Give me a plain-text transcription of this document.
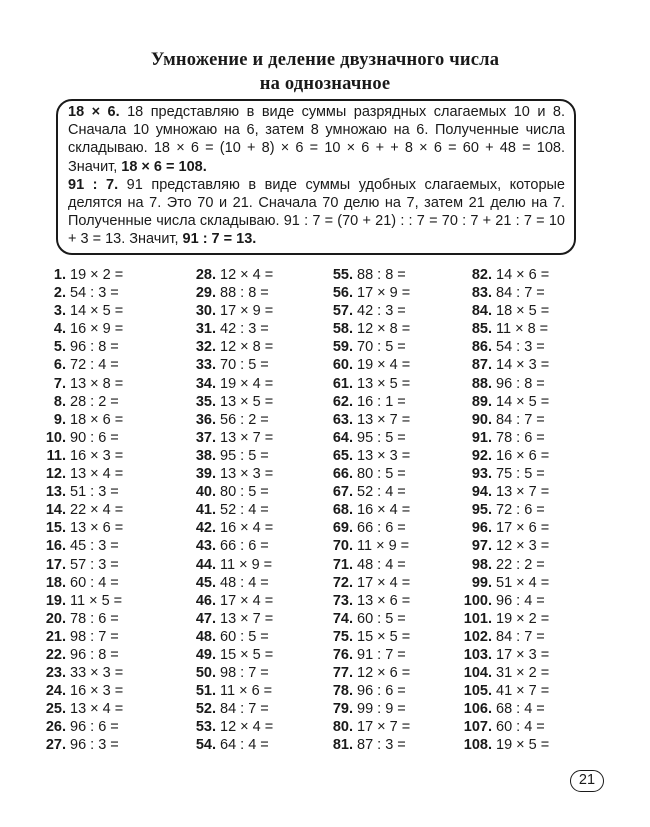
Умножение и деление двузначного числа
на однозначное

18 × 6. 18 представляю в виде суммы разрядных слагаемых 10 и 8. Сначала 10 умножаю на 6, затем 8 умножаю на 6. Полученные числа складываю. 18 × 6 = (10 + 8) × 6 = 10 × 6 + + 8 × 6 = 60 + 48 = 108. Значит, 18 × 6 = 108.

91 : 7. 91 представляю в виде суммы удобных слагаемых, которые делятся на 7. Это 70 и 21. Сначала 70 делю на 7, затем 21 делю на 7. Полученные числа складываю. 91 : 7 = (70 + 21) : : 7 = 70 : 7 + 21 : 7 = 10 + 3 = 13. Значит, 91 : 7 = 13.

1. 19 × 2 =
2. 54 : 3 =
3. 14 × 5 =
4. 16 × 9 =
5. 96 : 8 =
6. 72 : 4 =
7. 13 × 8 =
8. 28 : 2 =
9. 18 × 6 =
10. 90 : 6 =
11. 16 × 3 =
12. 13 × 4 =
13. 51 : 3 =
14. 22 × 4 =
15. 13 × 6 =
16. 45 : 3 =
17. 57 : 3 =
18. 60 : 4 =
19. 11 × 5 =
20. 78 : 6 =
21. 98 : 7 =
22. 96 : 8 =
23. 33 × 3 =
24. 16 × 3 =
25. 13 × 4 =
26. 96 : 6 =
27. 96 : 3 =
28. 12 × 4 =
29. 88 : 8 =
30. 17 × 9 =
31. 42 : 3 =
32. 12 × 8 =
33. 70 : 5 =
34. 19 × 4 =
35. 13 × 5 =
36. 56 : 2 =
37. 13 × 7 =
38. 95 : 5 =
39. 13 × 3 =
40. 80 : 5 =
41. 52 : 4 =
42. 16 × 4 =
43. 66 : 6 =
44. 11 × 9 =
45. 48 : 4 =
46. 17 × 4 =
47. 13 × 7 =
48. 60 : 5 =
49. 15 × 5 =
50. 98 : 7 =
51. 11 × 6 =
52. 84 : 7 =
53. 12 × 4 =
54. 64 : 4 =
55. 88 : 8 =
56. 17 × 9 =
57. 42 : 3 =
58. 12 × 8 =
59. 70 : 5 =
60. 19 × 4 =
61. 13 × 5 =
62. 16 : 1 =
63. 13 × 7 =
64. 95 : 5 =
65. 13 × 3 =
66. 80 : 5 =
67. 52 : 4 =
68. 16 × 4 =
69. 66 : 6 =
70. 11 × 9 =
71. 48 : 4 =
72. 17 × 4 =
73. 13 × 6 =
74. 60 : 5 =
75. 15 × 5 =
76. 91 : 7 =
77. 12 × 6 =
78. 96 : 6 =
79. 99 : 9 =
80. 17 × 7 =
81. 87 : 3 =
82. 14 × 6 =
83. 84 : 7 =
84. 18 × 5 =
85. 11 × 8 =
86. 54 : 3 =
87. 14 × 3 =
88. 96 : 8 =
89. 14 × 5 =
90. 84 : 7 =
91. 78 : 6 =
92. 16 × 6 =
93. 75 : 5 =
94. 13 × 7 =
95. 72 : 6 =
96. 17 × 6 =
97. 12 × 3 =
98. 22 : 2 =
99. 51 × 4 =
100. 96 : 4 =
101. 19 × 2 =
102. 84 : 7 =
103. 17 × 3 =
104. 31 × 2 =
105. 41 × 7 =
106. 68 : 4 =
107. 60 : 4 =
108. 19 × 5 =
21
